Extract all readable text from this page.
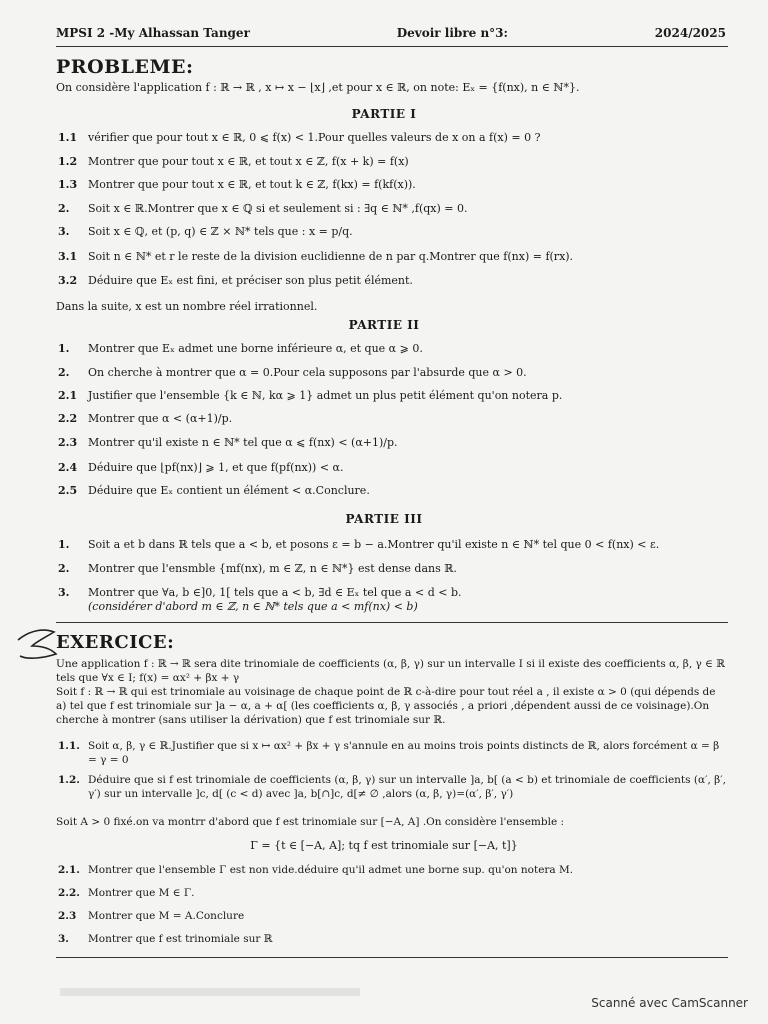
MPSI 2 -My Alhassan Tanger	Devoir libre n°3:	2024/2025
PROBLEME:
On considère l'application f : ℝ → ℝ , x ↦ x − ⌊x⌋ ,et pour x ∈ ℝ, on note: Eₓ = {f(nx), n ∈ ℕ*}.
PARTIE I
1.1 vérifier que pour tout x ∈ ℝ, 0 ⩽ f(x) < 1.Pour quelles valeurs de x on a f(x) = 0 ?
1.2 Montrer que pour tout x ∈ ℝ, et tout x ∈ ℤ, f(x + k) = f(x)
1.3 Montrer que pour tout x ∈ ℝ, et tout k ∈ ℤ, f(kx) = f(kf(x)).
2.	Soit x ∈ ℝ.Montrer que x ∈ ℚ si et seulement si : ∃q ∈ ℕ* ,f(qx) = 0.
3.	Soit x ∈ ℚ, et (p, q) ∈ ℤ × ℕ* tels que : x = p/q.
3.1 Soit n ∈ ℕ* et r le reste de la division euclidienne de n par q.Montrer que f(nx) = f(rx).
3.2 Déduire que Eₓ est fini, et préciser son plus petit élément.
Dans la suite, x est un nombre réel irrationnel.
PARTIE II
1.	Montrer que Eₓ admet une borne inférieure α, et que α ⩾ 0.
2.	On cherche à montrer que α = 0.Pour cela supposons par l'absurde que α > 0.
2.1 Justifier que l'ensemble {k ∈ ℕ, kα ⩾ 1} admet un plus petit élément qu'on notera p.
2.2 Montrer que α < (α+1)/p.
2.3 Montrer qu'il existe n ∈ ℕ* tel que α ⩽ f(nx) < (α+1)/p.
2.4 Déduire que ⌊pf(nx)⌋ ⩾ 1, et que f(pf(nx)) < α.
2.5 Déduire que Eₓ contient un élément < α.Conclure.
PARTIE III
1.	Soit a et b dans ℝ tels que a < b, et posons ε = b − a.Montrer qu'il existe n ∈ ℕ* tel que 0 < f(nx) < ε.
2.	Montrer que l'ensmble {mf(nx), m ∈ ℤ, n ∈ ℕ*} est dense dans ℝ.
3.	Montrer que ∀a, b ∈]0, 1[ tels que a < b, ∃d ∈ Eₓ tel que a < d < b.
(considérer d'abord m ∈ ℤ, n ∈ ℕ* tels que a < mf(nx) < b)
EXERCICE:
Une application f : ℝ → ℝ sera dite trinomiale de coefficients (α, β, γ) sur un intervalle I si il existe des coefficients α, β, γ ∈ ℝ tels que ∀x ∈ I; f(x) = αx² + βx + γ
Soit f : ℝ → ℝ qui est trinomiale au voisinage de chaque point de ℝ c-à-dire pour tout réel a , il existe α > 0 (qui dépends de a) tel que f est trinomiale sur ]a − α, a + α[ (les coefficients α, β, γ associés , a priori ,dépendent aussi de ce voisinage).On cherche à montrer (sans utiliser la dérivation) que f est trinomiale sur ℝ.
1.1. Soit α, β, γ ∈ ℝ.Justifier que si x ↦ αx² + βx + γ s'annule en au moins trois points distincts de ℝ, alors forcément α = β = γ = 0
1.2. Déduire que si f est trinomiale de coefficients (α, β, γ) sur un intervalle ]a, b[ (a < b) et trinomiale de coefficients (α′, β′, γ′) sur un intervalle ]c, d[ (c < d) avec ]a, b[∩]c, d[≠ ∅ ,alors (α, β, γ)=(α′, β′, γ′)
Soit A > 0 fixé.on va montrr d'abord que f est trinomiale sur [−A, A] .On considère l'ensemble :
Γ = {t ∈ [−A, A]; tq f est trinomiale sur [−A, t]}
2.1. Montrer que l'ensemble Γ est non vide.déduire qu'il admet une borne sup. qu'on notera M.
2.2. Montrer que M ∈ Γ.
2.3	Montrer que M = A.Conclure
3.	Montrer que f est trinomiale sur ℝ
Scanné avec CamScanner
